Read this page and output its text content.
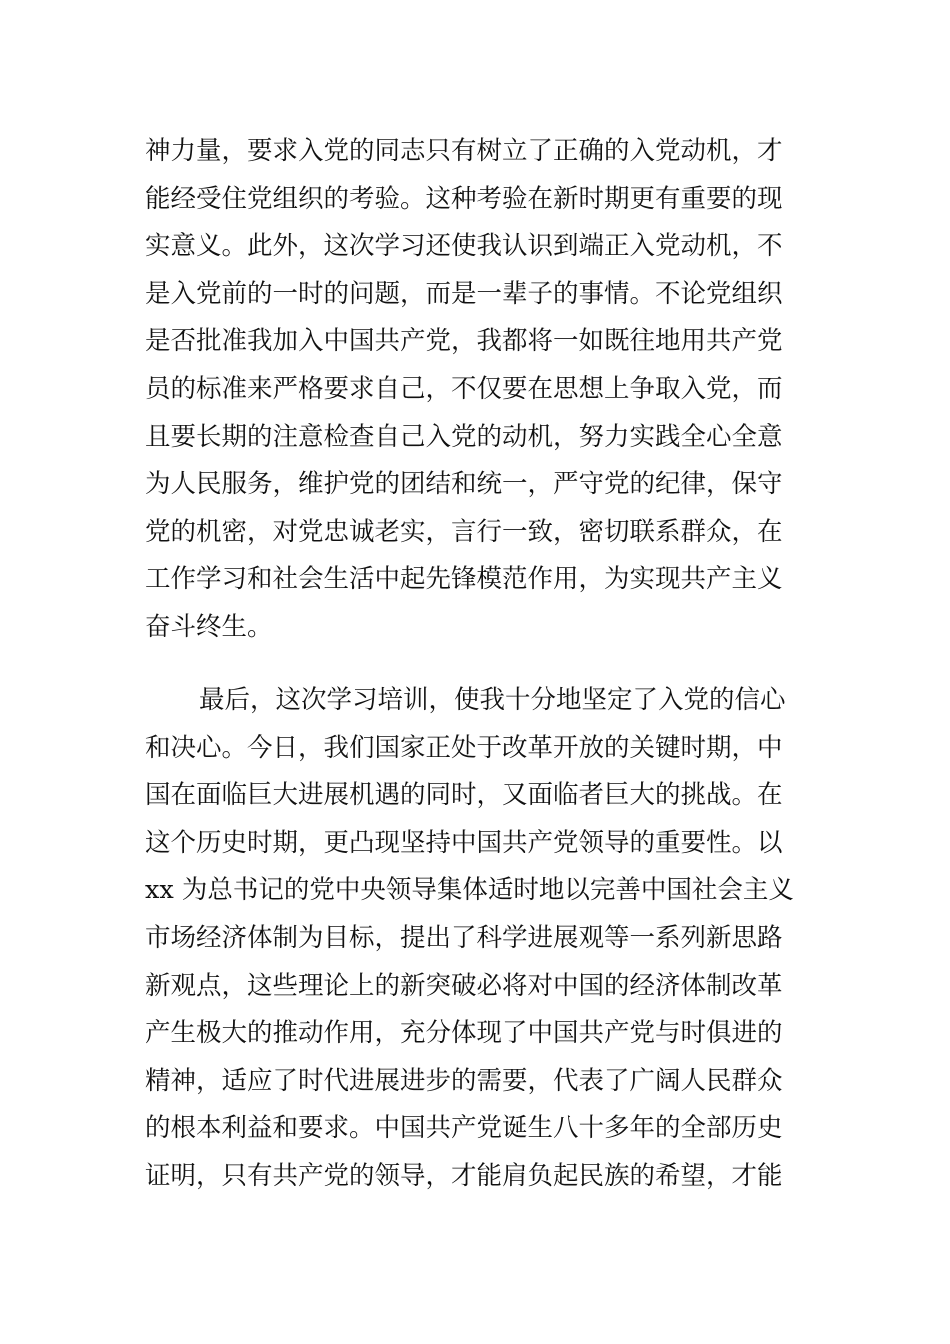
神力量，要求入党的同志只有树立了正确的入党动机，才
能经受住党组织的考验。这种考验在新时期更有重要的现
实意义。此外，这次学习还使我认识到端正入党动机，不
是入党前的一时的问题，而是一辈子的事情。不论党组织
是否批准我加入中国共产党，我都将一如既往地用共产党
员的标准来严格要求自己，不仅要在思想上争取入党，而
且要长期的注意检查自己入党的动机，努力实践全心全意
为人民服务，维护党的团结和统一，严守党的纪律，保守
党的机密，对党忠诚老实，言行一致，密切联系群众，在
工作学习和社会生活中起先锋模范作用，为实现共产主义
奋斗终生。

最后，这次学习培训，使我十分地坚定了入党的信心
和决心。今日，我们国家正处于改革开放的关键时期，中
国在面临巨大进展机遇的同时，又面临者巨大的挑战。在
这个历史时期，更凸现坚持中国共产党领导的重要性。以
xx 为总书记的党中央领导集体适时地以完善中国社会主义
市场经济体制为目标，提出了科学进展观等一系列新思路
新观点，这些理论上的新突破必将对中国的经济体制改革
产生极大的推动作用，充分体现了中国共产党与时俱进的
精神，适应了时代进展进步的需要，代表了广阔人民群众
的根本利益和要求。中国共产党诞生八十多年的全部历史
证明，只有共产党的领导，才能肩负起民族的希望，才能
